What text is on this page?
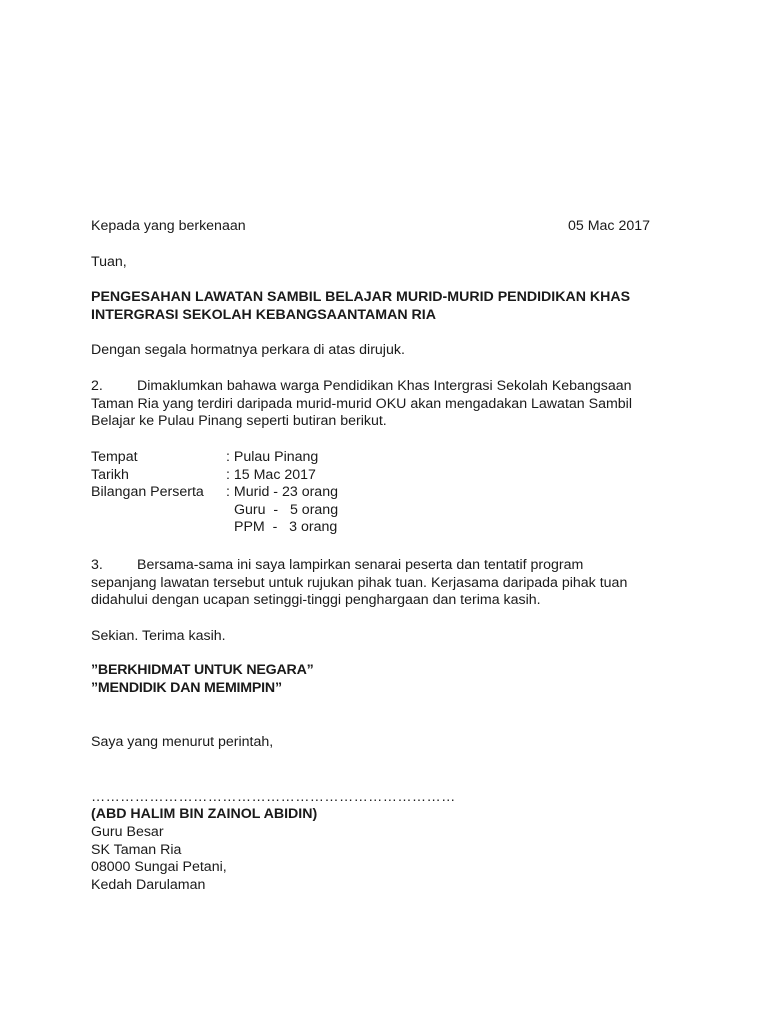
Kepada yang berkenaan	05 Mac 2017
Tuan,
PENGESAHAN LAWATAN SAMBIL BELAJAR MURID-MURID PENDIDIKAN KHAS
INTERGRASI SEKOLAH KEBANGSAANTAMAN RIA
Dengan segala hormatnya perkara di atas dirujuk.
2. Dimaklumkan bahawa warga Pendidikan Khas Intergrasi Sekolah Kebangsaan
Taman Ria yang terdiri daripada murid-murid OKU akan mengadakan Lawatan Sambil
Belajar ke Pulau Pinang seperti butiran berikut.
Tempat	: Pulau Pinang
Tarikh	: 15 Mac 2017
Bilangan Perserta : Murid - 23 orang
Guru  -   5 orang
PPM  -   3 orang
3. Bersama-sama ini saya lampirkan senarai peserta dan tentatif program
sepanjang lawatan tersebut untuk rujukan pihak tuan. Kerjasama daripada pihak tuan
didahului dengan ucapan setinggi-tinggi penghargaan dan terima kasih.
Sekian. Terima kasih.
”BERKHIDMAT UNTUK NEGARA”
”MENDIDIK DAN MEMIMPIN”
Saya yang menurut perintah,
…………………………………………………………………
(ABD HALIM BIN ZAINOL ABIDIN)
Guru Besar
SK Taman Ria
08000 Sungai Petani,
Kedah Darulaman
